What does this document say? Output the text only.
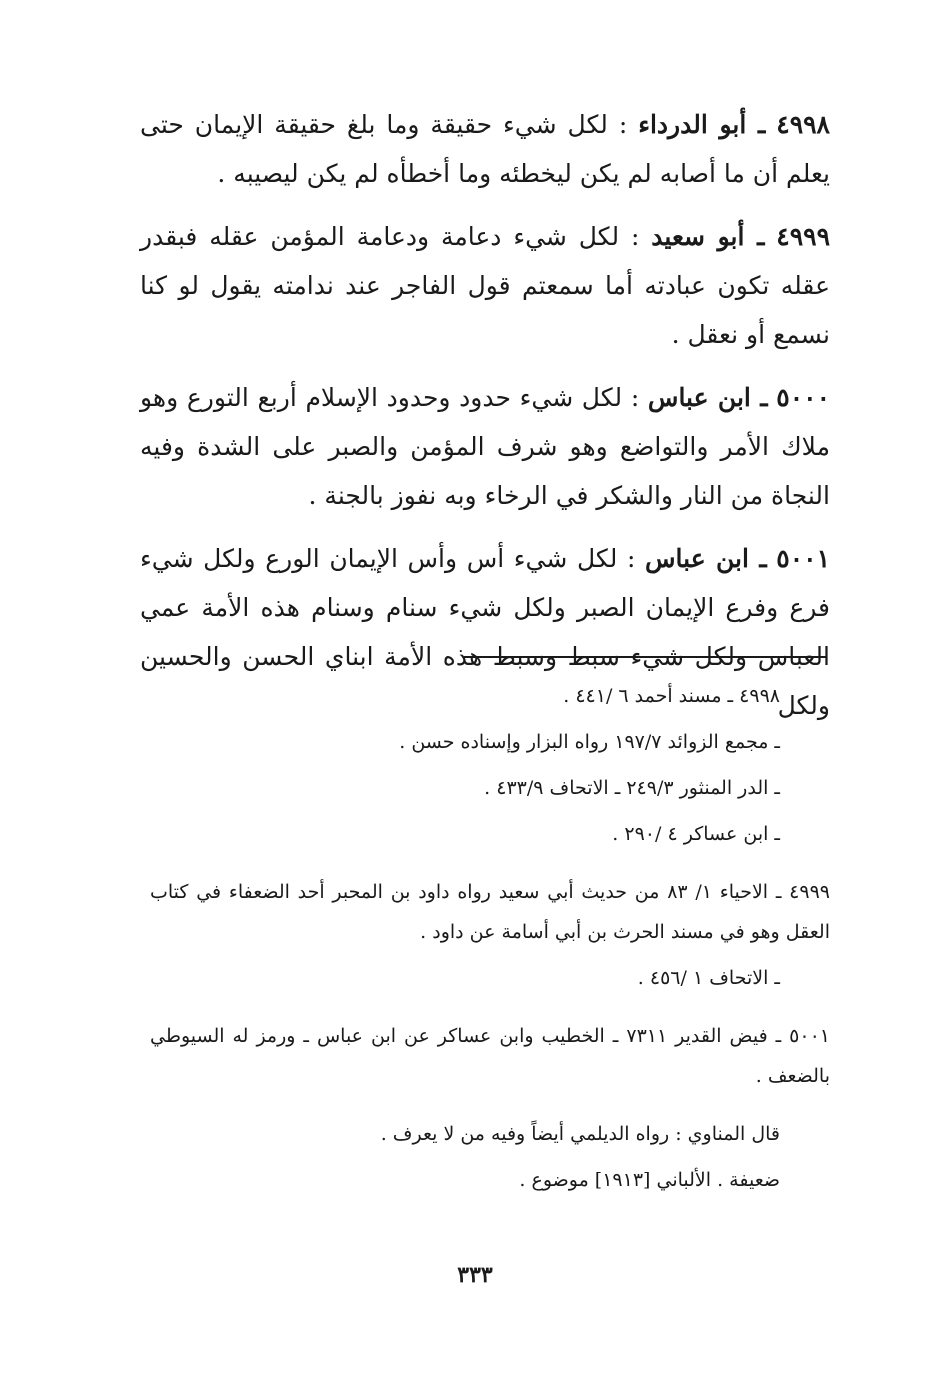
٤٩٩٨ ـ أبو الدرداء : لكل شيء حقيقة وما بلغ حقيقة الإيمان حتى يعلم أن ما أصابه لم يكن ليخطئه وما أخطأه لم يكن ليصيبه .

٤٩٩٩ ـ أبو سعيد : لكل شيء دعامة ودعامة المؤمن عقله فبقدر عقله تكون عبادته أما سمعتم قول الفاجر عند ندامته يقول لو كنا نسمع أو نعقل .

٥٠٠٠ ـ ابن عباس : لكل شيء حدود وحدود الإسلام أربع التورع وهو ملاك الأمر والتواضع وهو شرف المؤمن والصبر على الشدة وفيه النجاة من النار والشكر في الرخاء وبه نفوز بالجنة .

٥٠٠١ ـ ابن عباس : لكل شيء أس وأس الإيمان الورع ولكل شيء فرع وفرع الإيمان الصبر ولكل شيء سنام وسنام هذه الأمة عمي العباس ولكل شيء سبط وسبط هذه الأمة ابناي الحسن والحسين ولكل

٤٩٩٨ ـ مسند أحمد ٦ /٤٤١ .

ـ مجمع الزوائد ١٩٧/٧ رواه البزار وإسناده حسن .

ـ الدر المنثور ٢٤٩/٣ ـ الاتحاف ٤٣٣/٩ .

ـ ابن عساكر ٤ /٢٩٠ .

٤٩٩٩ ـ الاحياء ١/ ٨٣ من حديث أبي سعيد رواه داود بن المحبر أحد الضعفاء في كتاب العقل وهو في مسند الحرث بن أبي أسامة عن داود .

ـ الاتحاف ١ /٤٥٦ .

٥٠٠١ ـ فيض القدير ٧٣١١ ـ الخطيب وابن عساكر عن ابن عباس ـ ورمز له السيوطي بالضعف .

قال المناوي : رواه الديلمي أيضاً وفيه من لا يعرف .

ضعيفة . الألباني [١٩١٣] موضوع .

٣٣٣
